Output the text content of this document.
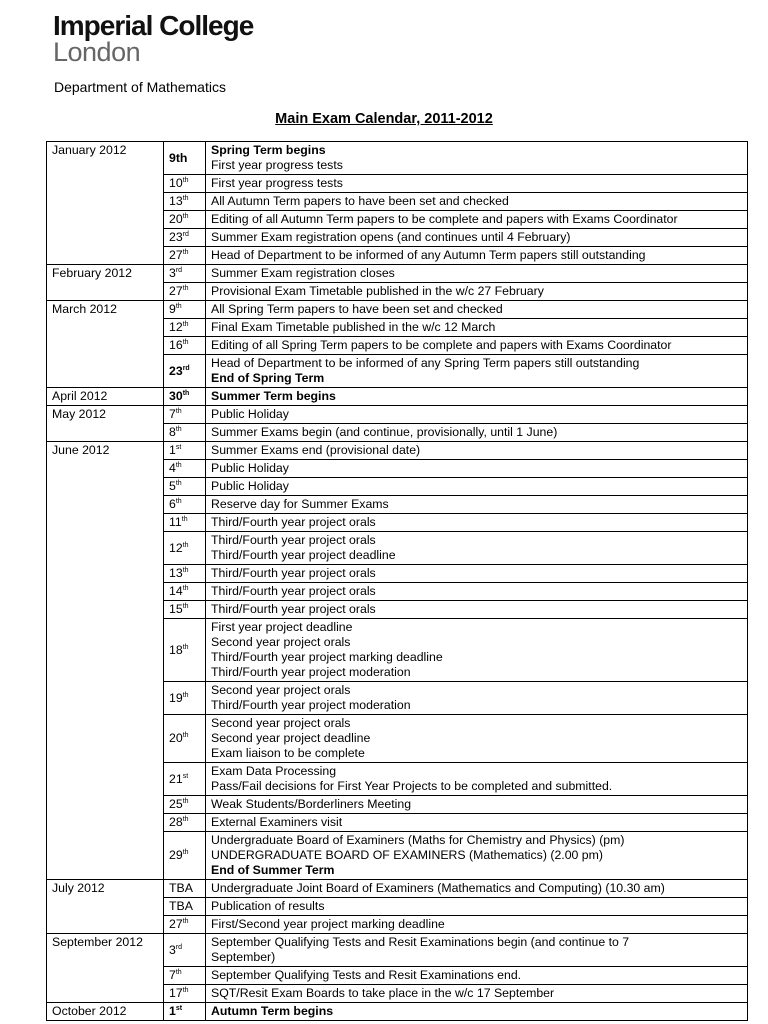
Imperial College
London
Department of Mathematics
Main Exam Calendar, 2011-2012
January 2012	9th	Spring Term begins
First year progress tests

	10th	First year progress tests

	13th	All Autumn Term papers to have been set and checked

	20th	Editing of all Autumn Term papers to be complete and papers with Exams Coordinator

	23rd	Summer Exam registration opens (and continues until 4 February)

	27th	Head of Department to be informed of any Autumn Term papers still outstanding

February 2012	3rd	Summer Exam registration closes

	27th	Provisional Exam Timetable published in the w/c 27 February

March 2012	9th	All Spring Term papers to have been set and checked

	12th	Final Exam Timetable published in the w/c 12 March

	16th	Editing of all Spring Term papers to be complete and papers with Exams Coordinator

	23rd	Head of Department to be informed of any Spring Term papers still outstanding
End of Spring Term

April 2012	30th	Summer Term begins

May 2012	7th	Public Holiday

	8th	Summer Exams begin (and continue, provisionally, until 1 June)

June 2012	1st	Summer Exams end (provisional date)

	4th	Public Holiday

	5th	Public Holiday

	6th	Reserve day for Summer Exams

	11th	Third/Fourth year project orals

	12th	Third/Fourth year project orals
Third/Fourth year project deadline

	13th	Third/Fourth year project orals

	14th	Third/Fourth year project orals

	15th	Third/Fourth year project orals

	18th	First year project deadline
Second year project orals
Third/Fourth year project marking deadline
Third/Fourth year project moderation

	19th	Second year project orals
Third/Fourth year project moderation

	20th	Second year project orals
Second year project deadline
Exam liaison to be complete

	21st	Exam Data Processing
Pass/Fail decisions for First Year Projects to be completed and submitted.

	25th	Weak Students/Borderliners Meeting

	28th	External Examiners visit

	29th	Undergraduate Board of Examiners (Maths for Chemistry and Physics) (pm)
UNDERGRADUATE BOARD OF EXAMINERS (Mathematics) (2.00 pm)
End of Summer Term

July 2012	TBA	Undergraduate Joint Board of Examiners (Mathematics and Computing) (10.30 am)

	TBA	Publication of results

	27th	First/Second year project marking deadline

September 2012	3rd	September Qualifying Tests and Resit Examinations begin (and continue to 7
September)

	7th	September Qualifying Tests and Resit Examinations end.

	17th	SQT/Resit Exam Boards to take place in the w/c 17 September

October 2012	1st	Autumn Term begins
